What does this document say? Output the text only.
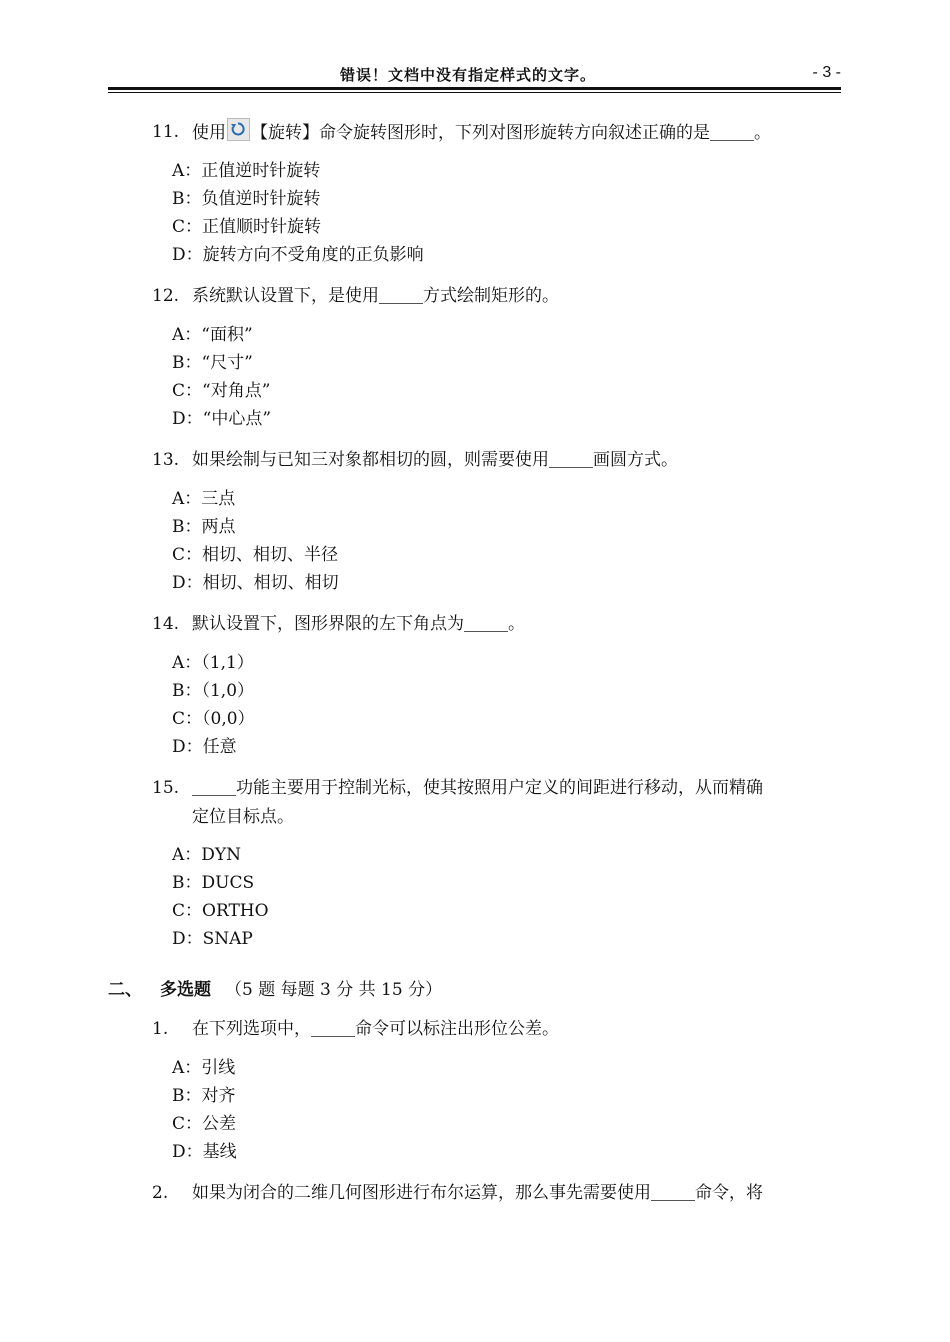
错误！文档中没有指定样式的文字。	- 3 -
11. 使用 【旋转】命令旋转图形时，下列对图形旋转方向叙述正确的是	。
A：正值逆时针旋转
B：负值逆时针旋转
C：正值顺时针旋转
D：旋转方向不受角度的正负影响
12. 系统默认设置下，是使用	方式绘制矩形的。
A：“面积”
B：“尺寸”
C：“对角点”
D：“中心点”
13. 如果绘制与已知三对象都相切的圆，则需要使用	画圆方式。
A：三点
B：两点
C：相切、相切、半径
D：相切、相切、相切
14. 默认设置下，图形界限的左下角点为	。
A：（1,1）
B：（1,0）
C：（0,0）
D：任意
15.	功能主要用于控制光标，使其按照用户定义的间距进行移动，从而精确
定位目标点。
A：DYN
B：DUCS
C：ORTHO
D：SNAP
二、 多选题 （5 题 每题 3 分 共 15 分）
1. 在下列选项中，	命令可以标注出形位公差。
A：引线
B：对齐
C：公差
D：基线
2. 如果为闭合的二维几何图形进行布尔运算，那么事先需要使用	命令，将
